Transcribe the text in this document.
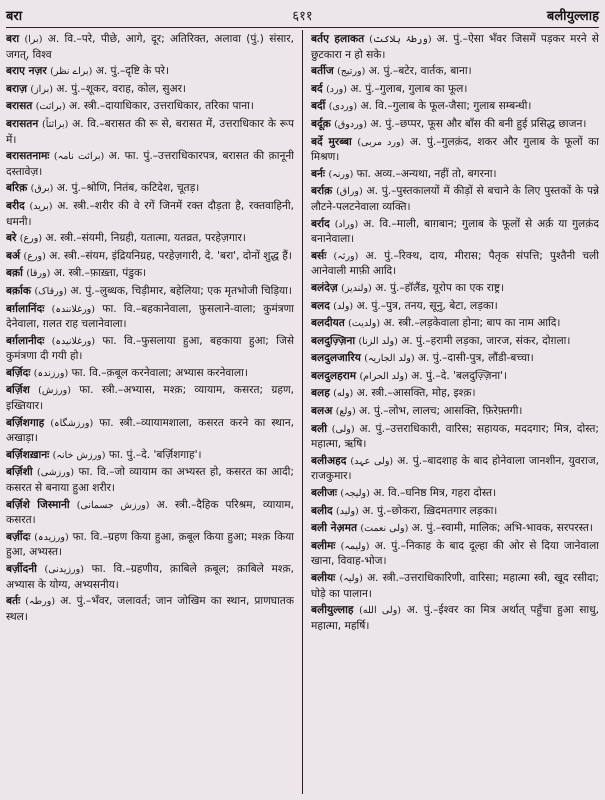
बरा	६११	बलीयुल्लाह

बरा (برا) अ. वि.–परे, पीछे, आगे, दूर; अतिरिक्त, अलावा (पुं.) संसार, जगत्, विश्व

बराए नज़र (براے نظر) अ. पुं.–दृष्टि के परे।

बराज़ (براز) अ. पुं.–शूकर, वराह, कोल, सुअर।

बरासत (براثت) अ. स्त्री.–दायाधिकार, उत्तराधिकार, तरिका पाना।

बरासतन (براثتاً) अ. वि.–बरासत की रू से, बरासत में, उत्तराधिकार के रूप में।

बरासतनामः (براثت نامہ) अ. फा. पुं.–उत्तराधिकारपत्र, बरासत की क़ानूनी दस्तावेज़।

बरिक़ (برق) अ. पुं.–श्रोणि, नितंब, कटिदेश, चूतड़।

बरीद (برید) अ. स्त्री.–शरीर की वे रगें जिनमें रक्त दौड़ता है, रक्तवाहिनी, धमनी।

बरे (ورع) अ. स्त्री.–संयमी, निग्रही, यतात्मा, यतव्रत, परहेज़गार।

बर्अ (ورع) अ. स्त्री.–संयम, इंद्रियनिग्रह, परहेज़गारी, दे. 'बरा', दोनों शुद्ध हैं।

बर्क़ा (ورقا) अ. स्त्री.–फ़ाख़्ता, पंडुक।

बर्क़ाक (ورقاک) अ. पुं.–लुब्धक, चिड़ीमार, बहेलिया; एक मृतभोजी चिड़िया।

बर्ग़लानिंदः (ورغلانندہ) फा. वि.–बहकानेवाला, फ़ुसलाने-वाला; कुमंत्रणा देनेवाला, ग़लत राह चलानेवाला।

बर्ग़लानीदः (ورغلانیدہ) फा. वि.–फुसलाया हुआ, बहकाया हुआ; जिसे कुमंत्रणा दी गयी हो।

बर्ज़िदः (ورزندہ) फा. वि.–क़बूल करनेवाला; अभ्यास करनेवाला।

बर्ज़िश (ورزش) फा. स्त्री.–अभ्यास, मश्क़; व्यायाम, कसरत; ग्रहण, इख्तियार।

बर्ज़िशगाह (ورزشگاہ) फा. स्त्री.–व्यायामशाला, कसरत करने का स्थान, अखाड़ा।

बर्ज़िशख़ानः (ورزش خانہ) फा. पुं.–दे. 'बर्ज़िशगाह'।

बर्ज़िशी (ورزشی) फा. वि.–जो व्यायाम का अभ्यस्त हो, कसरत का आदी; कसरत से बनाया हुआ शरीर।

बर्ज़िशे जिस्मानी (ورزش جسمانی) अ. स्त्री.–दैहिक परिश्रम, व्यायाम, कसरत।

बर्ज़ीदः (ورزیدہ) फा. वि.–ग्रहण किया हुआ, क़बूल किया हुआ; मश्क़ किया हुआ, अभ्यस्त।

बर्ज़ीदनी (ورزیدنی) फा. वि.–ग्रहणीय, क़ाबिले क़बूल; क़ाबिले मश्क़, अभ्यास के योग्य, अभ्यसनीय।

बर्तः (ورطہ) अ. पुं.–भँवर, जलावर्त; जान जोखिम का स्थान, प्राणघातक स्थल।

बर्तए हलाकत (ورطۂ ہلاکت) अ. पुं.–ऐसा भँवर जिसमें पड़कर मरने से छुटकारा न हो सके।

बर्तीज (ورتیج) अ. पुं.–बटेर, वार्तक, बाना।

बर्द (ورد) अ. पुं.–गुलाब, गुलाब का फूल।

बर्दी (وردی) अ. वि.–गुलाब के फूल-जैसा; गुलाब सम्बन्धी।

बर्दूक़ (وردوق) अ. पुं.–छप्पर, फूस और बाँस की बनी हुई प्रसिद्ध छाजन।

बर्दे मुरब्बा (ورد مربی) अ. पुं.–गुलक़ंद, शकर और गुलाब के फूलों का मिश्रण।

बर्नः (ورنہ) फा. अव्य.–अन्यथा, नहीं तो, बगरना।

बर्राक़ (وراق) अ. पुं.–पुस्तकालयों में कीड़ों से बचाने के लिए पुस्तकों के पन्ने लौटने-पलटनेवाला व्यक्ति।

बर्राद (وراد) अ. वि.–माली, बाग़बान; गुलाब के फूलों से अर्क़ या गुलक़ंद बनानेवाला।

बर्सः (ورثہ) अ. पुं.–रिक्थ, दाय, मीरास; पैतृक संपत्ति; पुश्तैनी चली आनेवाली माफ़ी आदि।

बलंदेज़ (ولندیز) अ. पुं.–हॉलैंड, यूरोप का एक राष्ट्र।

बलद (ولد) अ. पुं.–पुत्र, तनय, सूनु, बेटा, लड़का।

बलदीयत (ولدیت) अ. स्त्री.–लड़केवाला होना; बाप का नाम आदि।

बलदुज़्ज़िना (ولد الزنا) अ. पुं.–हरामी लड़का, जारज, संकर, दोग़ला।

बलदुलजारिय (ولد الجاریہ) अ. पुं.–दासी-पुत्र, लौंडी-बच्चा।

बलदुलहराम (ولد الحرام) अ. पुं.–दे. 'बलदुज़्ज़िना'।

बलह (وله) अ. स्त्री.–आसक्ति, मोह, इश्क़।

बलअ (ولع) अ. पुं.–लोभ, लालच; आसक्ति, फ़िरेफ़्तगी।

बली (ولی) अ. पुं.–उत्तराधिकारी, वारिस; सहायक, मददगार; मित्र, दोस्त; महात्मा, ऋषि।

बलीअहद (ولی عہد) अ. पुं.–बादशाह के बाद होनेवाला जानशीन, युवराज, राजकुमार।

बलीजः (ولیجہ) अ. वि.–घनिष्ठ मित्र, गहरा दोस्त।

बलीद (ولید) अ. पुं.–छोकरा, ख़िदमतगार लड़का।

बली नेअ़मत (ولی نعمت) अ. पुं.–स्वामी, मालिक; अभि-भावक, सरपरस्त।

बलीमः (ولیمہ) अ. पुं.–निकाह के बाद दूल्हा की ओर से दिया जानेवाला खाना, विवाह-भोज।

बलीयः (ولیہ) अ. स्त्री.–उत्तराधिकारिणी, वारिसा; महात्मा स्त्री, खूद रसीदा; घोड़े का पालान।

बलीयुल्लाह (ولی الله) अ. पुं.–ईश्वर का मित्र अर्थात् पहुँचा हुआ साधु, महात्मा, महर्षि।
